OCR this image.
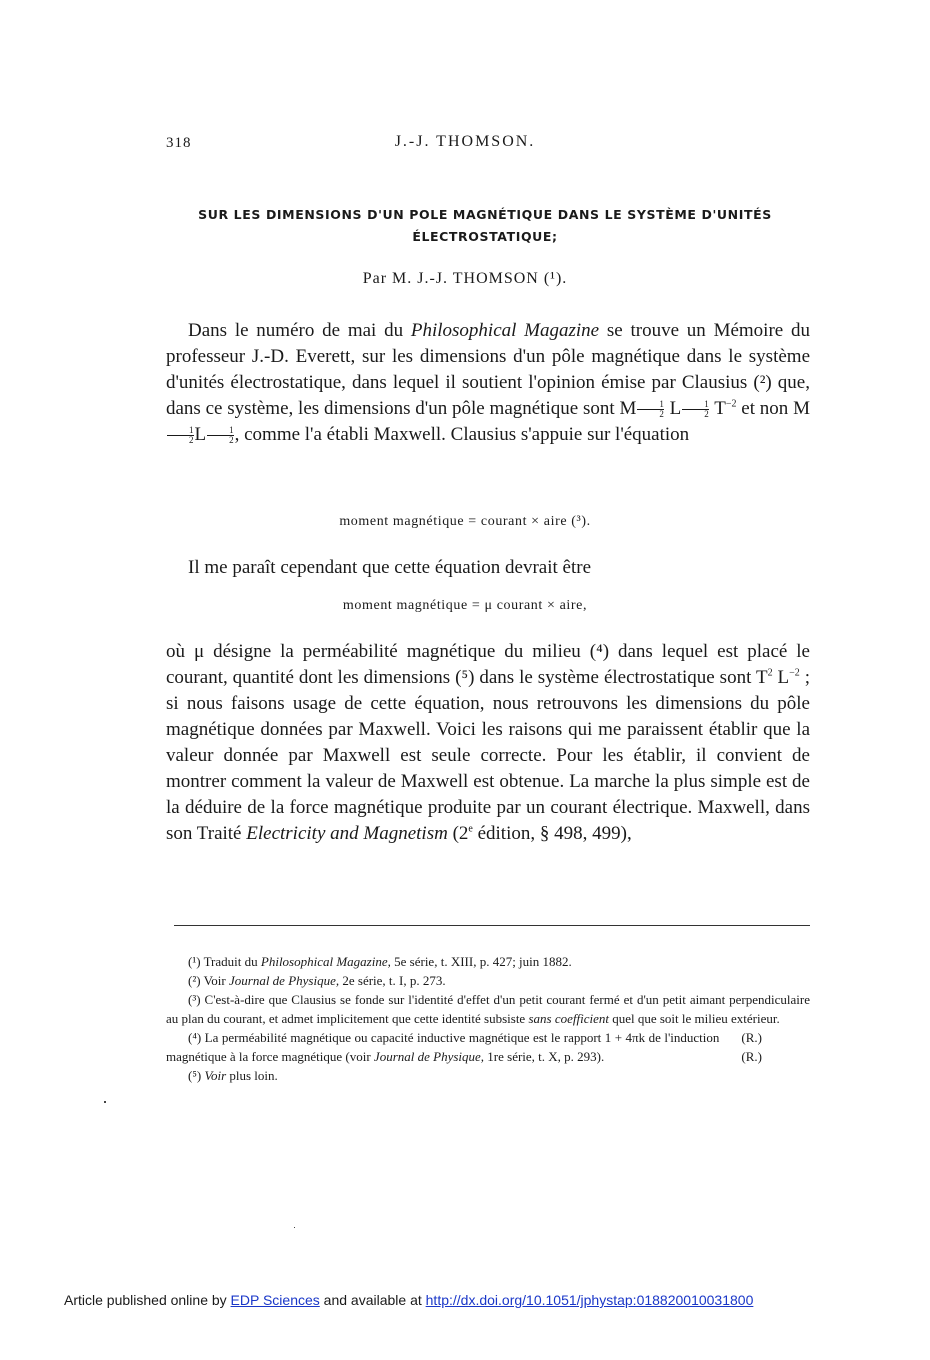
318	J.-J. THOMSON.
SUR LES DIMENSIONS D'UN POLE MAGNÉTIQUE DANS LE SYSTÈME D'UNITÉS
ÉLECTROSTATIQUE;
Par M. J.-J. THOMSON (¹).

Dans le numéro de mai du Philosophical Magazine se trouve un Mémoire du professeur J.-D. Everett, sur les dimensions d'un pôle magnétique dans le système d'unités électrostatique, dans lequel il soutient l'opinion émise par Clausius (²) que, dans ce système, les dimensions d'un pôle magnétique sont M $\frac{1}{2}$ L $\frac{1}{2} T^{-2}$ et non M
$\frac{1}{2}$ L $\frac{1}{2}$ , comme l'a établi Maxwell. Clausius s'appuie sur l'équation

moment magnétique = courant × aire (³).

Il me paraît cependant que cette équation devrait être

moment magnétique = μ courant × aire,

où μ désigne la perméabilité magnétique du milieu (⁴) dans lequel est placé le courant, quantité dont les dimensions (⁵) dans le système électrostatique sont $T^2$ $L^{-2}$ ; si nous faisons usage de cette équation, nous retrouvons les dimensions du pôle magnétique données par Maxwell. Voici les raisons qui me paraissent établir que la valeur donnée par Maxwell est seule correcte. Pour les établir, il convient de montrer comment la valeur de Maxwell est obtenue. La marche la plus simple est de la déduire de la force magnétique produite par un courant électrique. Maxwell, dans son Traité Electricity and Magnetism (2e édition, § 498, 499),

(¹) Traduit du Philosophical Magazine, 5e série, t. XIII, p. 427; juin 1882.

(²) Voir Journal de Physique, 2e série, t. I, p. 273.

(³) C'est-à-dire que Clausius se fonde sur l'identité d'effet d'un petit courant fermé et d'un petit aimant perpendiculaire au plan du courant, et admet implicitement que cette identité subsiste sans coefficient quel que soit le milieu extérieur.
(R.)

(⁴) La perméabilité magnétique ou capacité inductive magnétique est le rapport 1 + 4πk de l'induction magnétique à la force magnétique (voir Journal de Physique, 1re série, t. X, p. 293).	(R.)

(⁵) Voir plus loin.

Article published online by EDP Sciences and available at http://dx.doi.org/10.1051/jphystap:018820010031800
